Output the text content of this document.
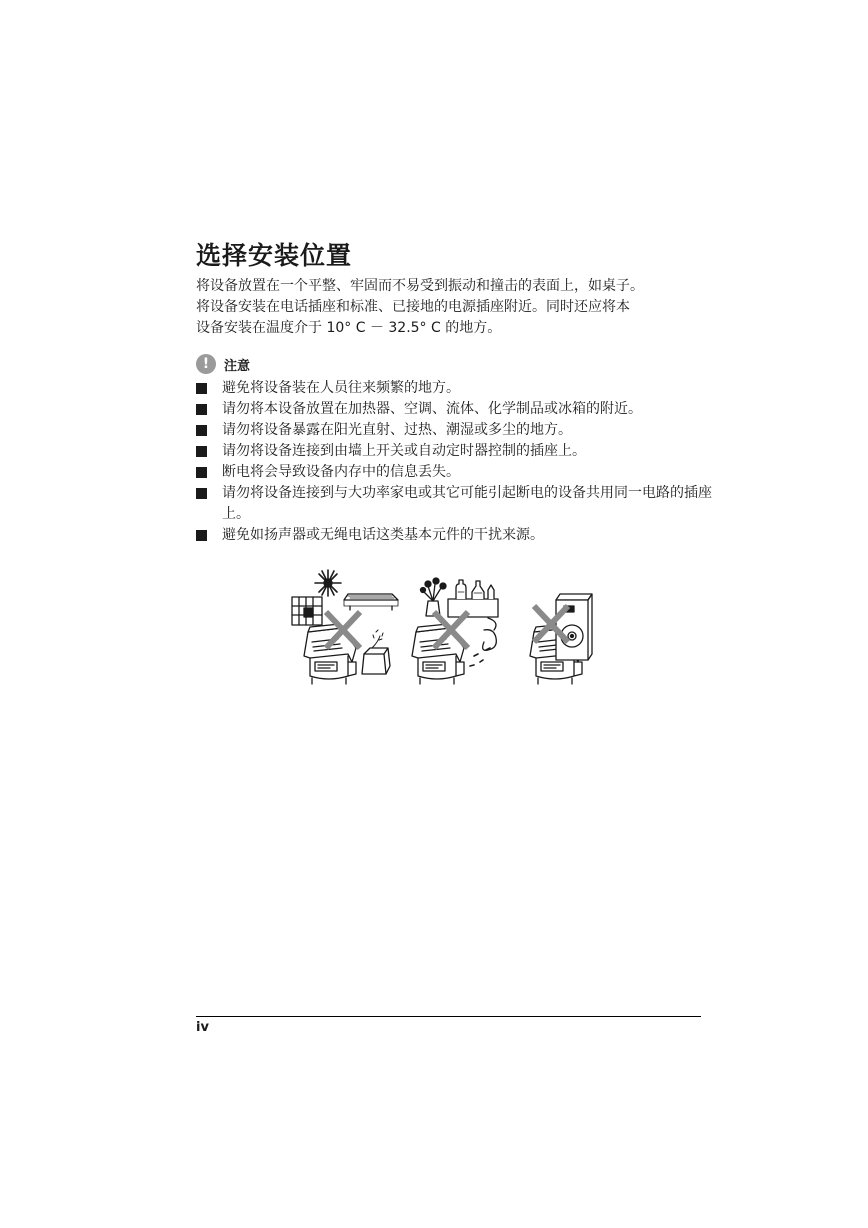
选择安装位置
将设备放置在一个平整、牢固而不易受到振动和撞击的表面上，如桌子。
将设备安装在电话插座和标准、已接地的电源插座附近。同时还应将本
设备安装在温度介于 10° C － 32.5° C 的地方。
!	注意
避免将设备装在人员往来频繁的地方。
请勿将本设备放置在加热器、空调、流体、化学制品或冰箱的附近。
请勿将设备暴露在阳光直射、过热、潮湿或多尘的地方。
请勿将设备连接到由墙上开关或自动定时器控制的插座上。
断电将会导致设备内存中的信息丢失。
请勿将设备连接到与大功率家电或其它可能引起断电的设备共用同一电路的插座上。
避免如扬声器或无绳电话这类基本元件的干扰来源。
iv
